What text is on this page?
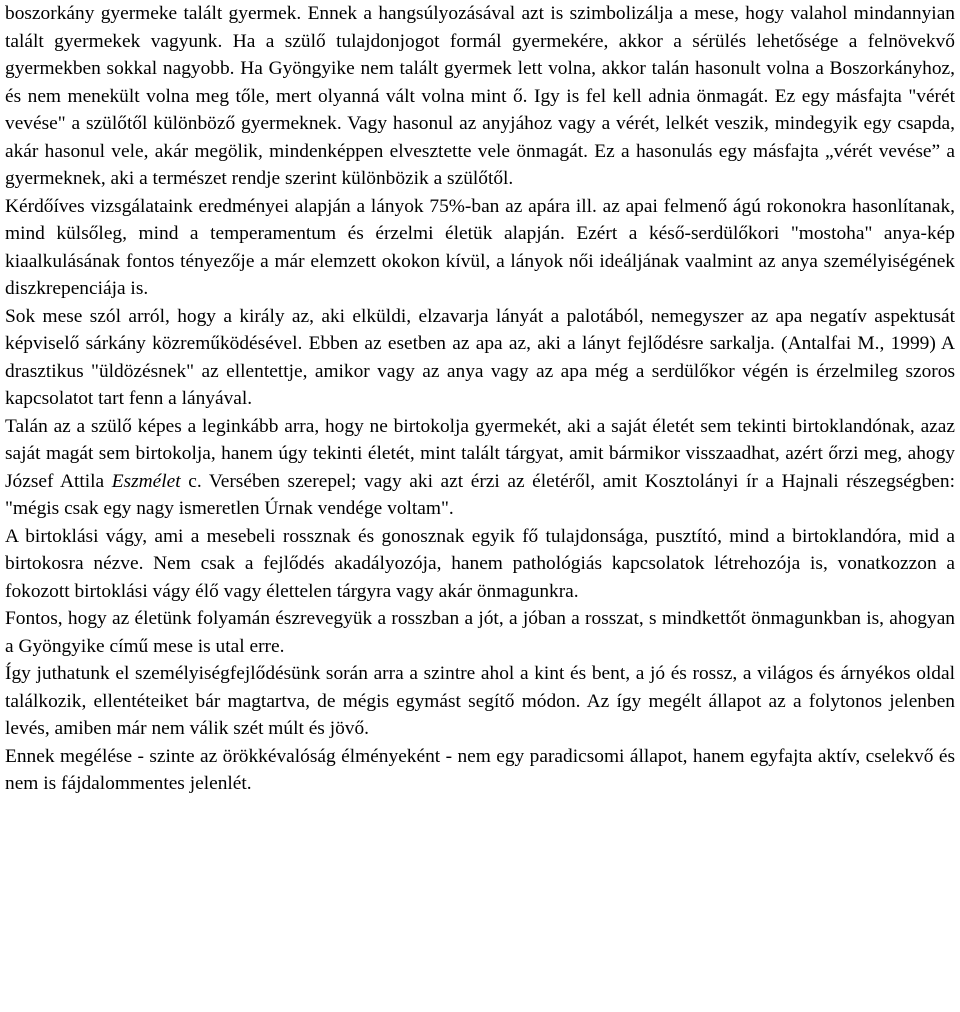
boszorkány gyermeke talált gyermek. Ennek a hangsúlyozásával azt is szimbolizálja a mese, hogy valahol mindannyian talált gyermekek vagyunk. Ha a szülő tulajdonjogot formál gyermekére, akkor a sérülés lehetősége a felnövekvő gyermekben sokkal nagyobb. Ha Gyöngyike nem talált gyermek lett volna, akkor talán hasonult volna a Boszorkányhoz, és nem menekült volna meg tőle, mert olyanná vált volna mint ő. Igy is fel kell adnia önmagát. Ez egy másfajta "vérét vevése" a szülőtől különböző gyermeknek. Vagy hasonul az anyjához vagy a vérét, lelkét veszik, mindegyik egy csapda, akár hasonul vele, akár megölik, mindenképpen elvesztette vele önmagát. Ez a hasonulás egy másfajta „vérét vevése” a gyermeknek, aki a természet rendje szerint különbözik a szülőtől.

Kérdőíves vizsgálataink eredményei alapján a lányok 75%-ban az apára ill. az apai felmenő ágú rokonokra hasonlítanak, mind külsőleg, mind a temperamentum és érzelmi életük alapján. Ezért a késő-serdülőkori "mostoha" anya-kép kiaalkulásának fontos tényezője a már elemzett okokon kívül, a lányok női ideáljának vaalmint az anya személyiségének diszkrepenciája is.

Sok mese szól arról, hogy a király az, aki elküldi, elzavarja lányát a palotából, nemegyszer az apa negatív aspektusát képviselő sárkány közreműködésével. Ebben az esetben az apa az, aki a lányt fejlődésre sarkalja. (Antalfai M., 1999) A drasztikus "üldözésnek" az ellentettje, amikor vagy az anya vagy az apa még a serdülőkor végén is érzelmileg szoros kapcsolatot tart fenn a lányával.

Talán az a szülő képes a leginkább arra, hogy ne birtokolja gyermekét, aki a saját életét sem tekinti birtoklandónak, azaz saját magát sem birtokolja, hanem úgy tekinti életét, mint talált tárgyat, amit bármikor visszaadhat, azért őrzi meg, ahogy József Attila Eszmélet c. Versében szerepel; vagy aki azt érzi az életéről, amit Kosztolányi ír a Hajnali részegségben: "mégis csak egy nagy ismeretlen Úrnak vendége voltam".

A birtoklási vágy, ami a mesebeli rossznak és gonosznak egyik fő tulajdonsága, pusztító, mind a birtoklandóra, mid a birtokosra nézve. Nem csak a fejlődés akadályozója, hanem pathológiás kapcsolatok létrehozója is, vonatkozzon a fokozott birtoklási vágy élő vagy élettelen tárgyra vagy akár önmagunkra.

Fontos, hogy az életünk folyamán észrevegyük a rosszban a jót, a jóban a rosszat, s mindkettőt önmagunkban is, ahogyan a Gyöngyike című mese is utal erre.

Így juthatunk el személyiségfejlődésünk során arra a szintre ahol a kint és bent, a jó és rossz, a világos és árnyékos oldal találkozik, ellentéteiket bár magtartva, de mégis egymást segítő módon. Az így megélt állapot az a folytonos jelenben levés, amiben már nem válik szét múlt és jövő.

Ennek megélése - szinte az örökkévalóság élményeként - nem egy paradicsomi állapot, hanem egyfajta aktív, cselekvő és nem is fájdalommentes jelenlét.
